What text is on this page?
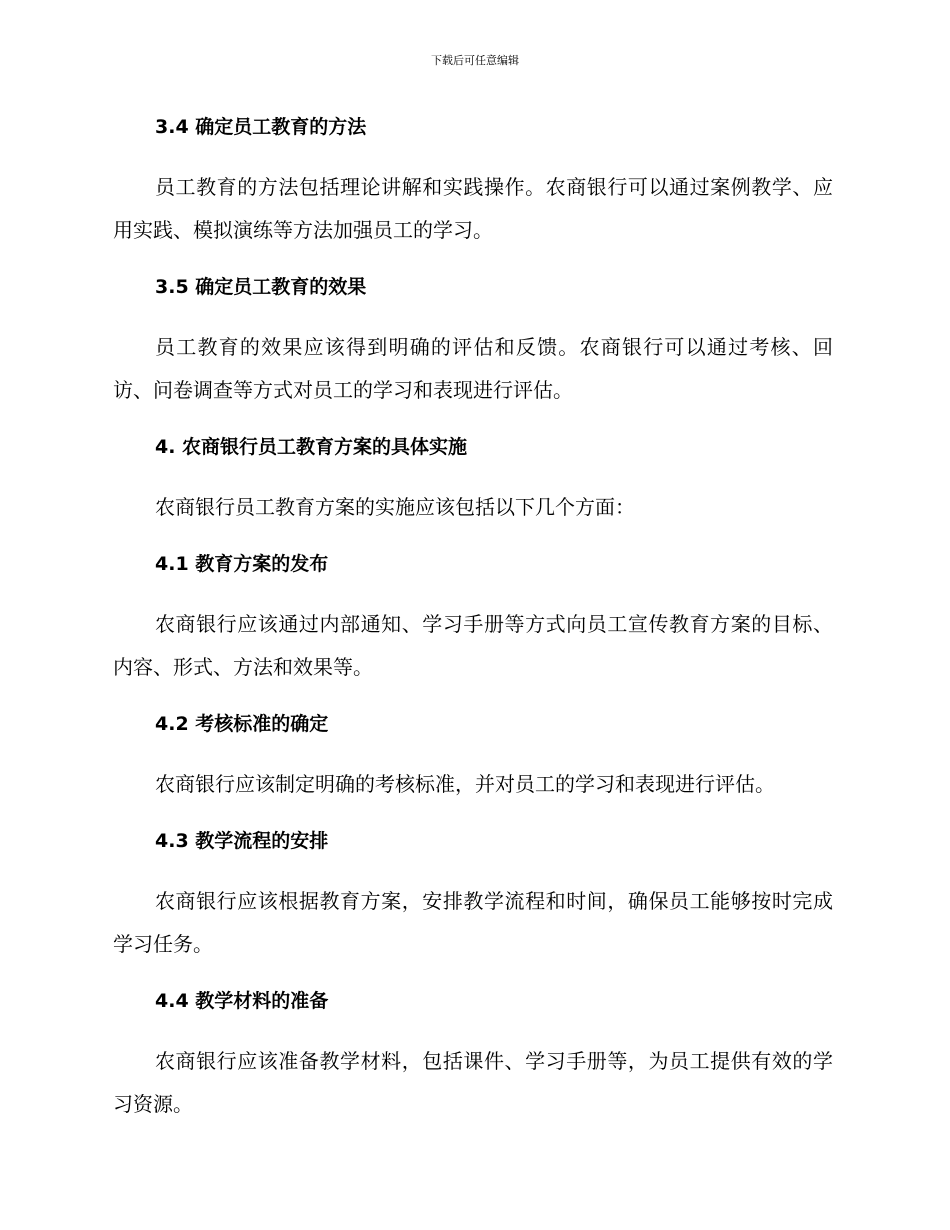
下载后可任意编辑
3.4 确定员工教育的方法

员工教育的方法包括理论讲解和实践操作。农商银行可以通过案例教学、应用实践、模拟演练等方法加强员工的学习。

3.5 确定员工教育的效果

员工教育的效果应该得到明确的评估和反馈。农商银行可以通过考核、回访、问卷调查等方式对员工的学习和表现进行评估。

4. 农商银行员工教育方案的具体实施

农商银行员工教育方案的实施应该包括以下几个方面：

4.1 教育方案的发布

农商银行应该通过内部通知、学习手册等方式向员工宣传教育方案的目标、内容、形式、方法和效果等。

4.2 考核标准的确定

农商银行应该制定明确的考核标准，并对员工的学习和表现进行评估。

4.3 教学流程的安排

农商银行应该根据教育方案，安排教学流程和时间，确保员工能够按时完成学习任务。

4.4 教学材料的准备

农商银行应该准备教学材料，包括课件、学习手册等，为员工提供有效的学习资源。
